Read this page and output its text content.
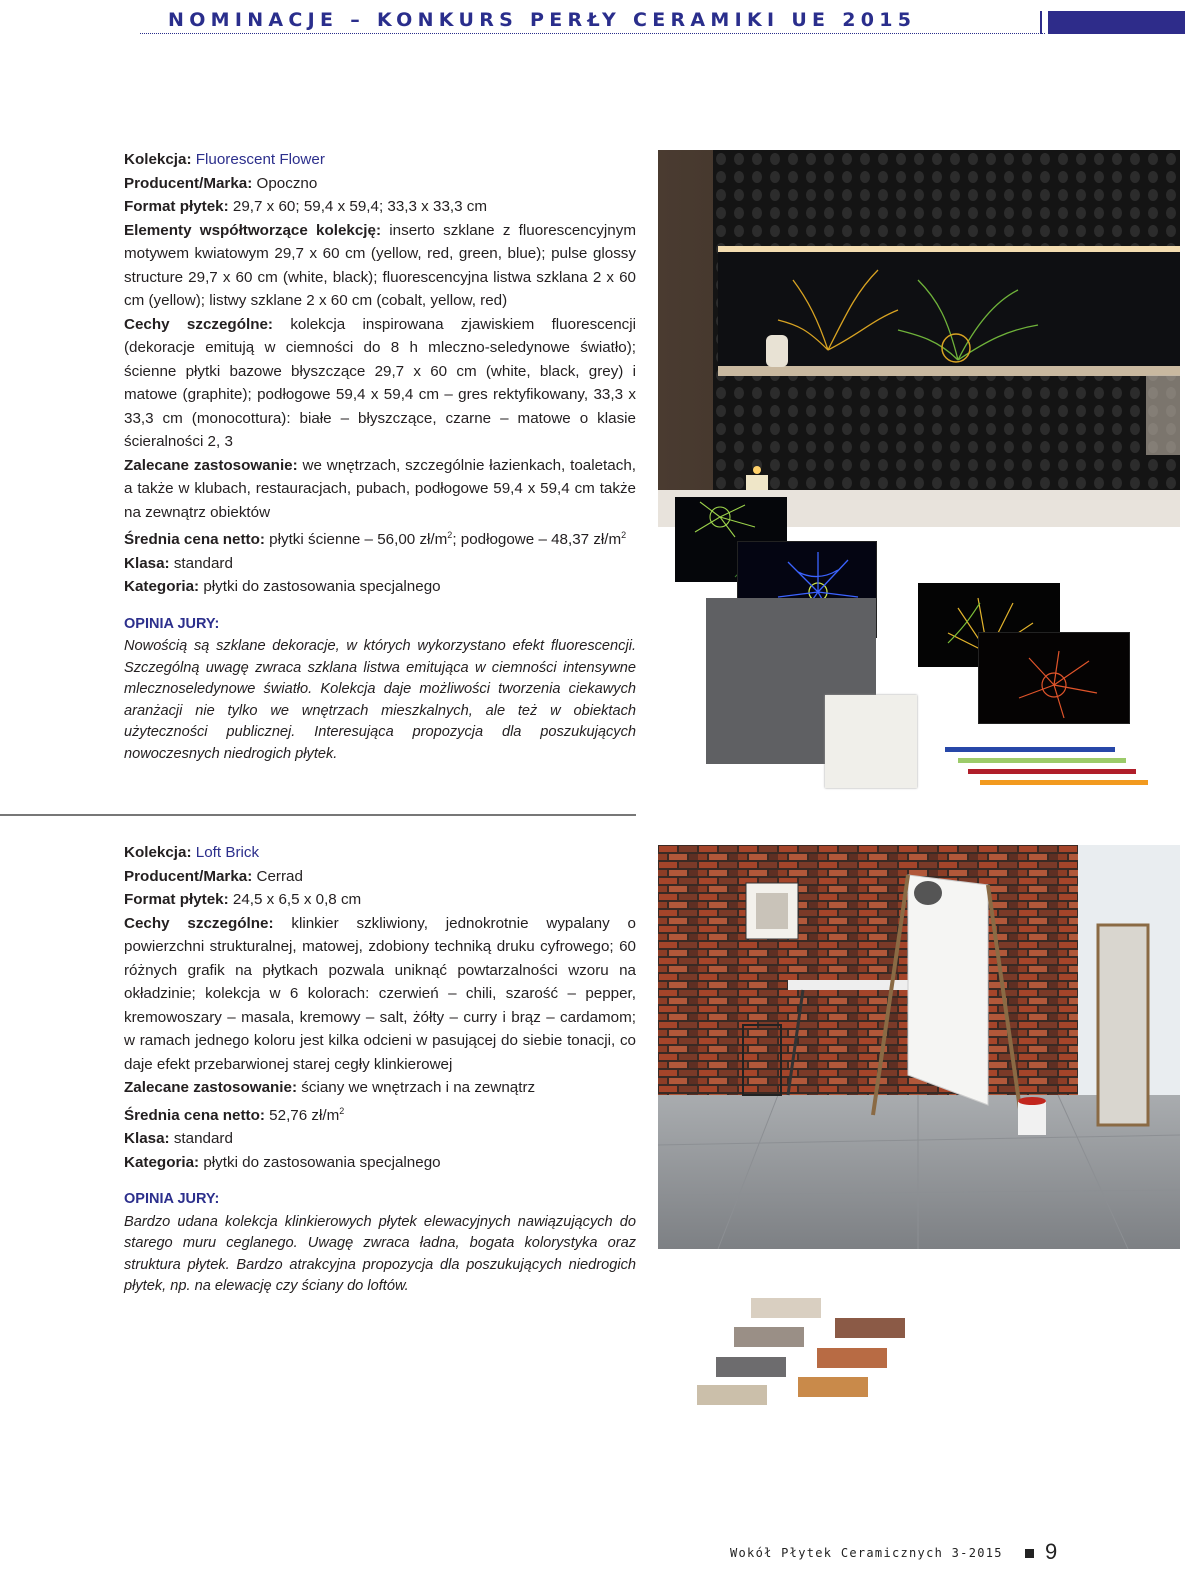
NOMINACJE – KONKURS PERŁY CERAMIKI UE 2015

Kolekcja: Fluorescent Flower

Producent/Marka: Opoczno

Format płytek: 29,7 x 60; 59,4 x 59,4; 33,3 x 33,3 cm

Elementy współtworzące kolekcję: inserto szklane z fluorescencyjnym motywem kwiatowym 29,7 x 60 cm (yellow, red, green, blue); pulse glossy structure 29,7 x 60 cm (white, black); fluorescencyjna listwa szklana 2 x 60 cm (yellow); listwy szklane 2 x 60 cm (cobalt, yellow, red)

Cechy szczególne: kolekcja inspirowana zjawiskiem fluorescencji (dekoracje emitują w ciemności do 8 h mleczno-seledynowe światło); ścienne płytki bazowe błyszczące 29,7 x 60 cm (white, black, grey) i matowe (graphite); podłogowe 59,4 x 59,4 cm – gres rektyfikowany, 33,3 x 33,3 cm (monocottura): białe – błyszczące, czarne – matowe o klasie ścieralności 2, 3

Zalecane zastosowanie: we wnętrzach, szczególnie łazienkach, toaletach, a także w klubach, restauracjach, pubach, podłogowe 59,4 x 59,4 cm także na zewnątrz obiektów

Średnia cena netto: płytki ścienne – 56,00 $zł/m^2$; podłogowe – 48,37 $zł/m^2$

Klasa: standard

Kategoria: płytki do zastosowania specjalnego

OPINIA JURY:

Nowością są szklane dekoracje, w których wykorzystano efekt fluorescencji. Szczególną uwagę zwraca szklana listwa emitująca w ciemności intensywne mlecznoseledynowe światło. Kolekcja daje możliwości tworzenia ciekawych aranżacji nie tylko we wnętrzach mieszkalnych, ale też w obiektach użyteczności publicznej. Interesująca propozycja dla poszukujących nowoczesnych niedrogich płytek.

Kolekcja: Loft Brick

Producent/Marka: Cerrad

Format płytek: 24,5 x 6,5 x 0,8 cm

Cechy szczególne: klinkier szkliwiony, jednokrotnie wypalany o powierzchni strukturalnej, matowej, zdobiony techniką druku cyfrowego; 60 różnych grafik na płytkach pozwala uniknąć powtarzalności wzoru na okładzinie; kolekcja w 6 kolorach: czerwień – chili, szarość – pepper, kremowoszary – masala, kremowy – salt, żółty – curry i brąz – cardamom; w ramach jednego koloru jest kilka odcieni w pasującej do siebie tonacji, co daje efekt przebarwionej starej cegły klinkierowej

Zalecane zastosowanie: ściany we wnętrzach i na zewnątrz

Średnia cena netto: 52,76 $zł/m^2$

Klasa: standard

Kategoria: płytki do zastosowania specjalnego

OPINIA JURY:

Bardzo udana kolekcja klinkierowych płytek elewacyjnych nawiązujących do starego muru ceglanego. Uwagę zwraca ładna, bogata kolorystyka oraz struktura płytek. Bardzo atrakcyjna propozycja dla poszukujących niedrogich płytek, np. na elewację czy ściany do loftów.

Wokół Płytek Ceramicznych 3-2015 9
